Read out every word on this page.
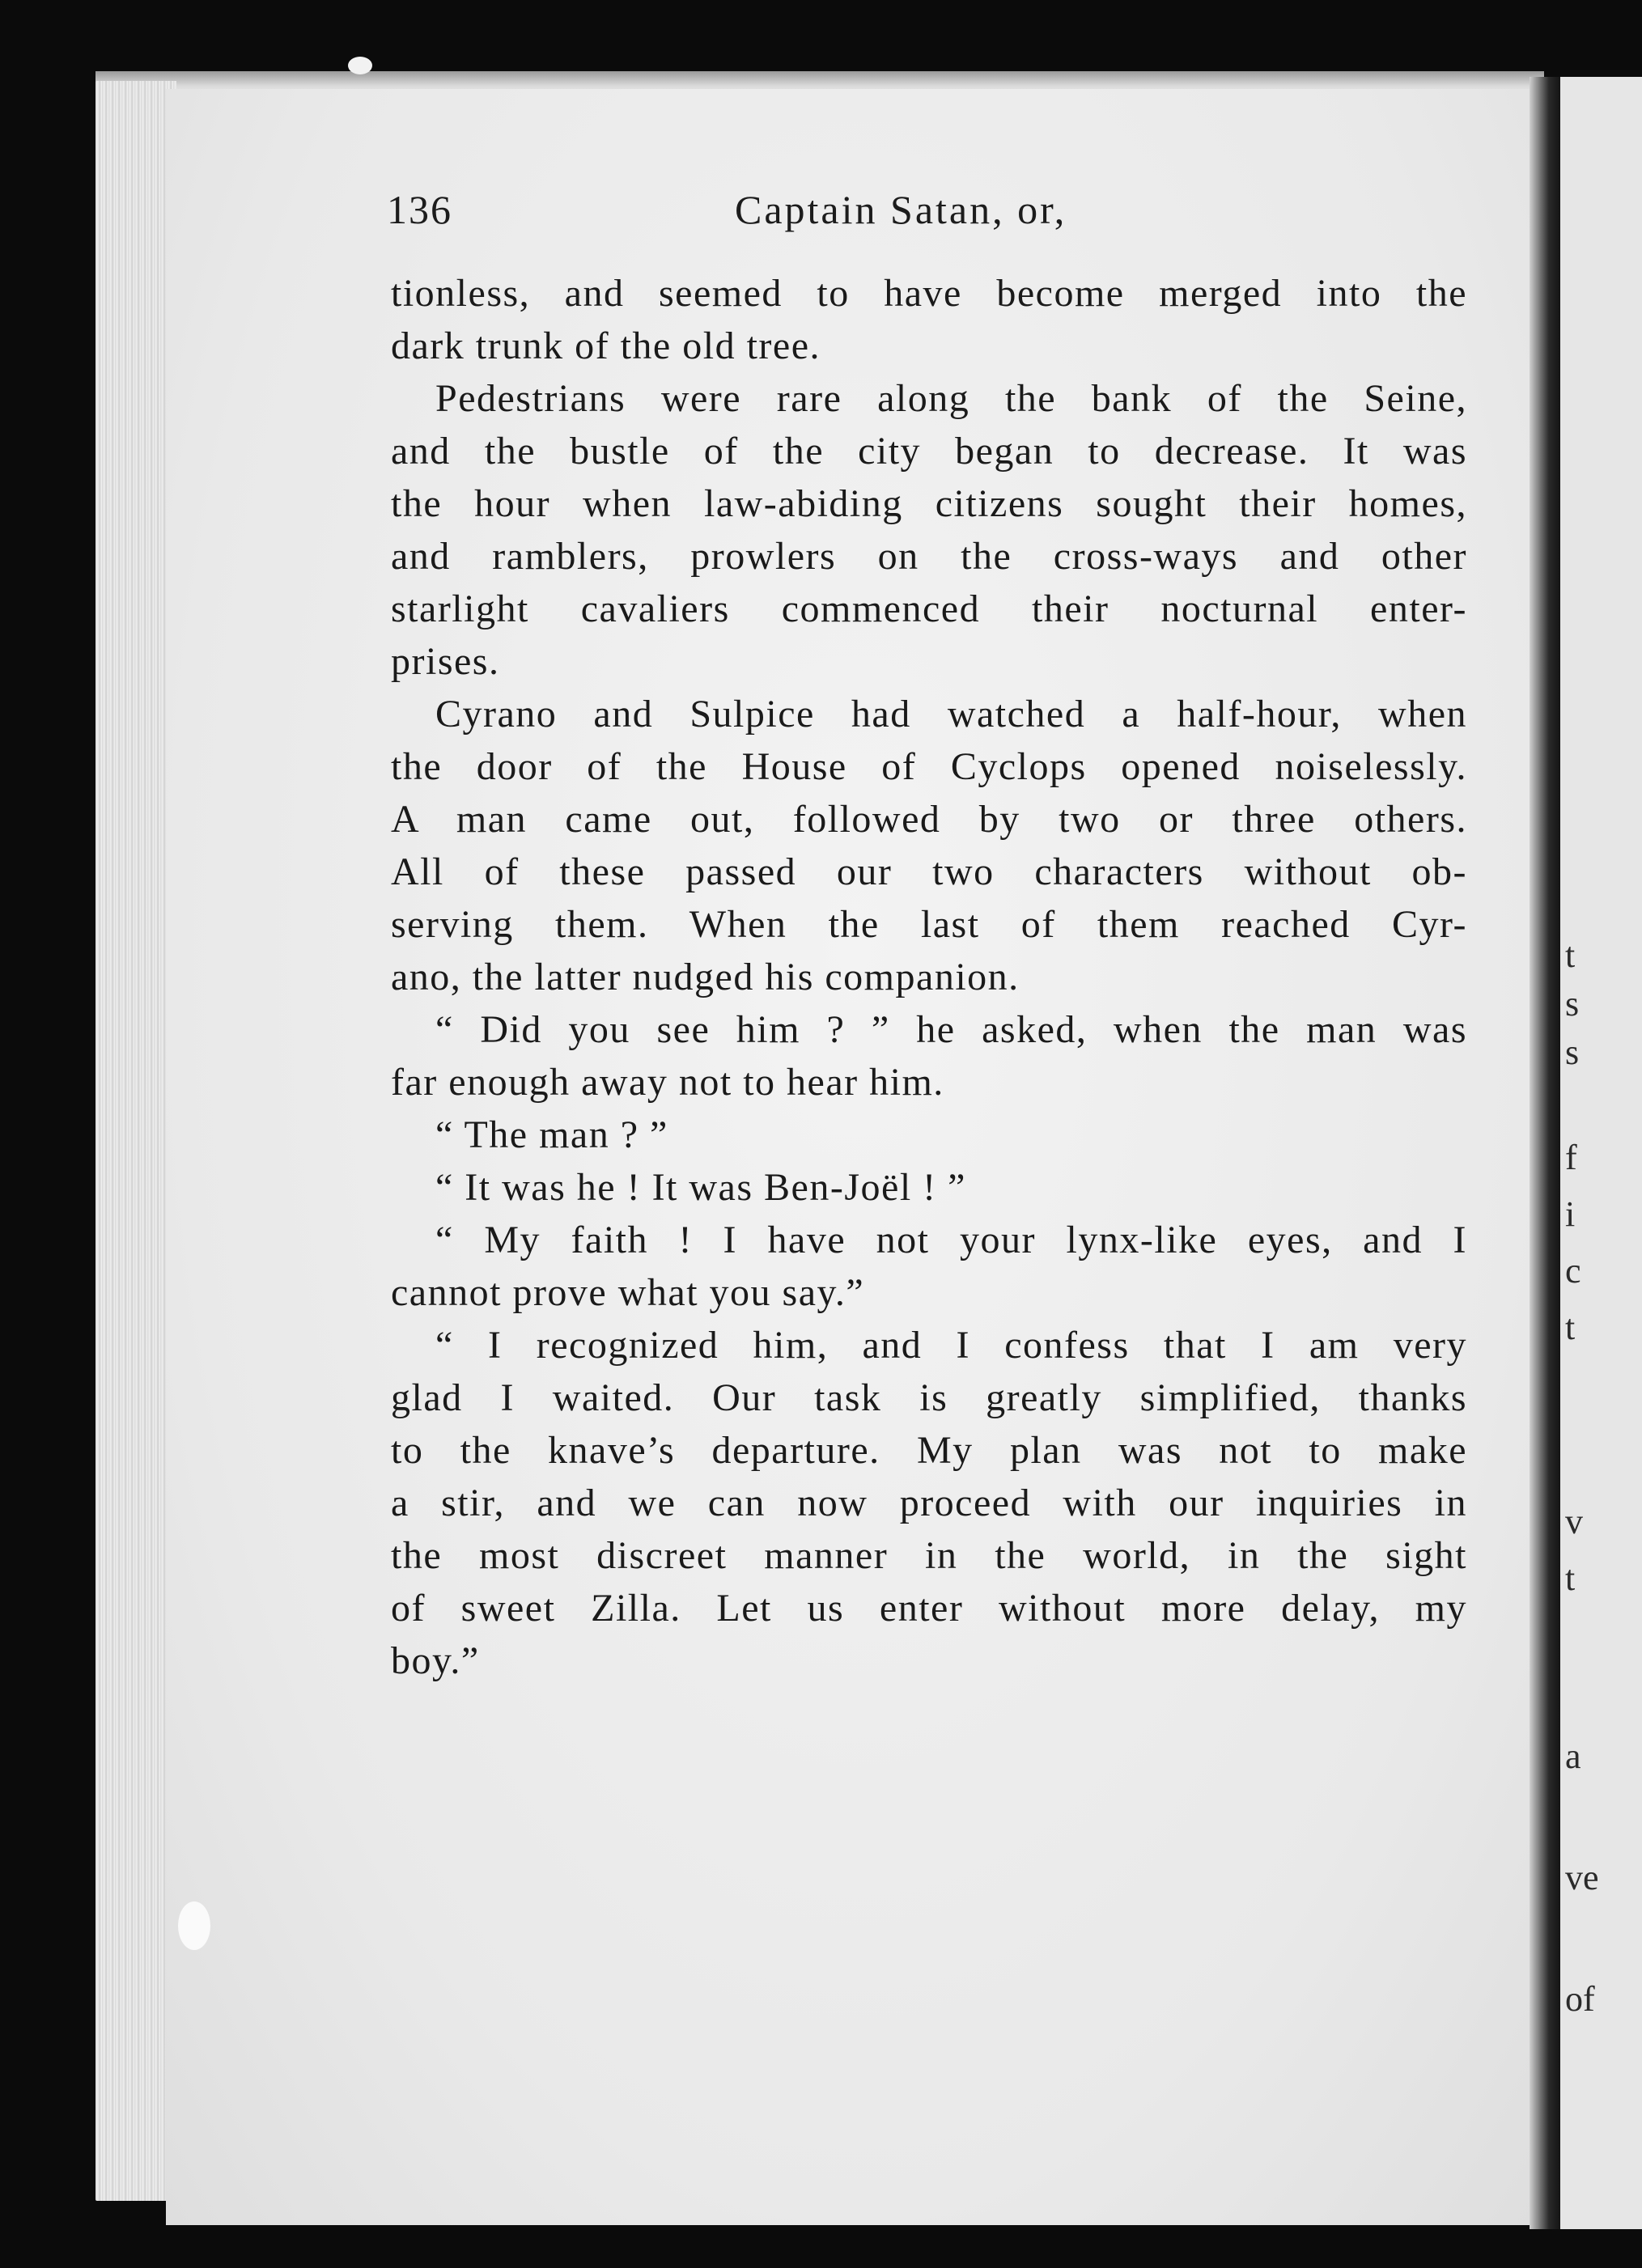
t
s
s
f
i
c
t
v
t
a
ve
of
136	Captain Satan, or,
tionless, and seemed to have become merged into the
dark trunk of the old tree.
Pedestrians were rare along the bank of the Seine,
and the bustle of the city began to decrease. It was
the hour when law-abiding citizens sought their homes,
and ramblers, prowlers on the cross-ways and other
starlight cavaliers commenced their nocturnal enter-
prises.
Cyrano and Sulpice had watched a half-hour, when
the door of the House of Cyclops opened noiselessly.
A man came out, followed by two or three others.
All of these passed our two characters without ob-
serving them. When the last of them reached Cyr-
ano, the latter nudged his companion.
“ Did you see him ? ” he asked, when the man was
far enough away not to hear him.
“ The man ? ”
“ It was he ! It was Ben-Joël ! ”
“ My faith ! I have not your lynx-like eyes, and I
cannot prove what you say.”
“ I recognized him, and I confess that I am very
glad I waited. Our task is greatly simplified, thanks
to the knave’s departure. My plan was not to make
a stir, and we can now proceed with our inquiries in
the most discreet manner in the world, in the sight
of sweet Zilla. Let us enter without more delay, my
boy.”
